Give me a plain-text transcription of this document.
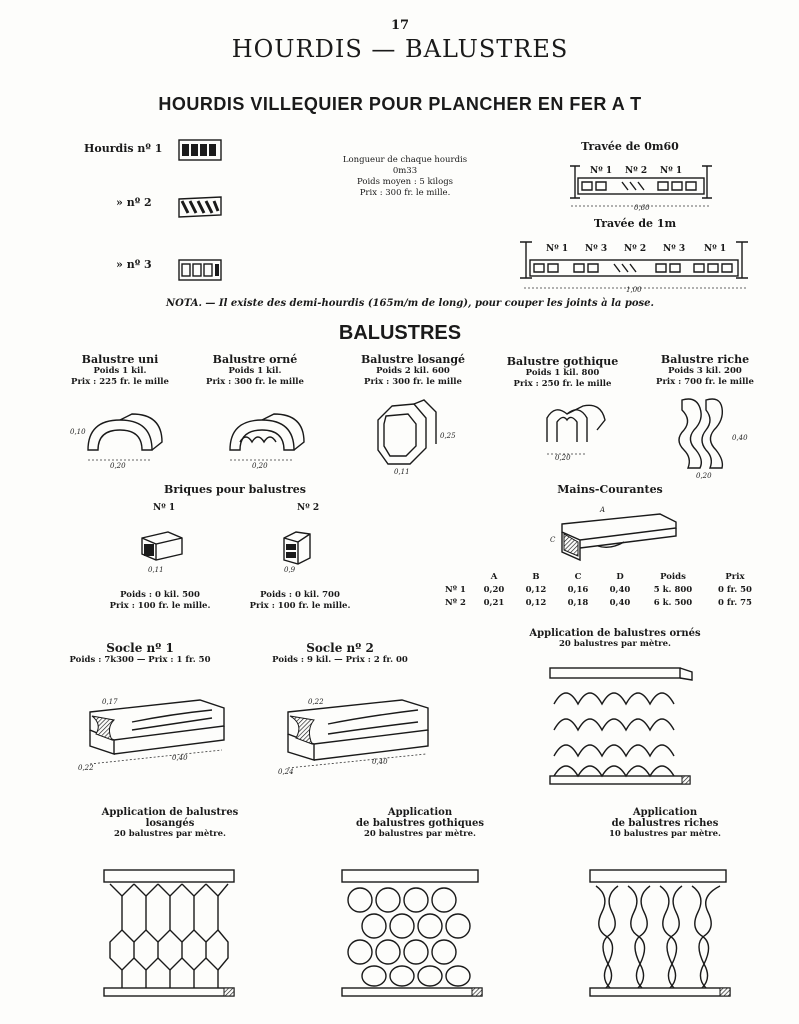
17
HOURDIS — BALUSTRES
HOURDIS VILLEQUIER POUR PLANCHER EN FER A T
Hourdis nº 1
» nº 2
» nº 3
Longueur de chaque hourdis 0m33
Poids moyen : 5 kilogs
Prix : 300 fr. le mille.
Travée de 0m60
0,60
Nº 1 Nº 2 Nº 1
Travée de 1m
1,00
Nº 1 Nº 3 Nº 2 Nº 3 Nº 1
NOTA. — Il existe des demi-hourdis (165m/m de long), pour couper les joints à la pose.
BALUSTRES
Balustre uni
Poids 1 kil.
Prix : 225 fr. le mille
Balustre orné
Poids 1 kil.
Prix : 300 fr. le mille
Balustre losangé
Poids 2 kil. 600
Prix : 300 fr. le mille
Balustre gothique
Poids 1 kil. 800
Prix : 250 fr. le mille
Balustre riche
Poids 3 kil. 200
Prix : 700 fr. le mille
0,20
0,10
0,20
0,25
0,11
0,20
0,40
0,20
Briques pour balustres
Nº 1	Nº 2
0,11	0,9
Poids : 0 kil. 500
Prix : 100 fr. le mille.
Poids : 0 kil. 700
Prix : 100 fr. le mille.
Mains-Courantes
A
C
A	B	C	D	Poids	Prix
Nº 1	0,20	0,12	0,16	0,40	5 k. 800	0 fr. 50
Nº 2	0,21	0,12	0,18	0,40	6 k. 500	0 fr. 75
Socle nº 1
Poids : 7k300 — Prix : 1 fr. 50
Socle nº 2
Poids : 9 kil. — Prix : 2 fr. 00
0,22
0,40
0,17
0,24
0,40
0,22
Application de balustres ornés
20 balustres par mètre.
Application de balustres
losangés
20 balustres par mètre.
Application
de balustres gothiques
20 balustres par mètre.
Application
de balustres riches
10 balustres par mètre.
